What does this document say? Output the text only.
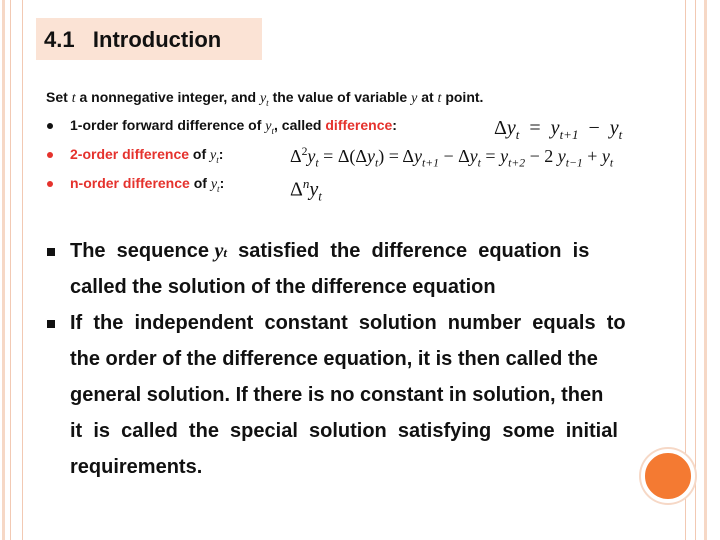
4.1   Introduction
Set t a nonnegative integer, and $y_t$ the value of variable y at t point.
1-order forward difference of $y_t$, called difference:	$\Delta y_t = y_{t+1} - y_t$
2-order difference of $y_t$:	$\Delta^2y_t = \Delta(\Delta y_t) = \Delta y_{t+1} - \Delta y_t = y_{t+2} - 2$ $y_{t-1} + y_t$
n-order difference of $y_t$:	$\Delta^ny_t$
The  sequence y t satisfied  the  difference  equation  is
called the solution of the difference equation
If  the  independent  constant  solution  number  equals  to
the order of the difference equation, it is then called the
general solution. If there is no constant in solution, then
it  is  called  the  special  solution  satisfying  some  initial
requirements.
